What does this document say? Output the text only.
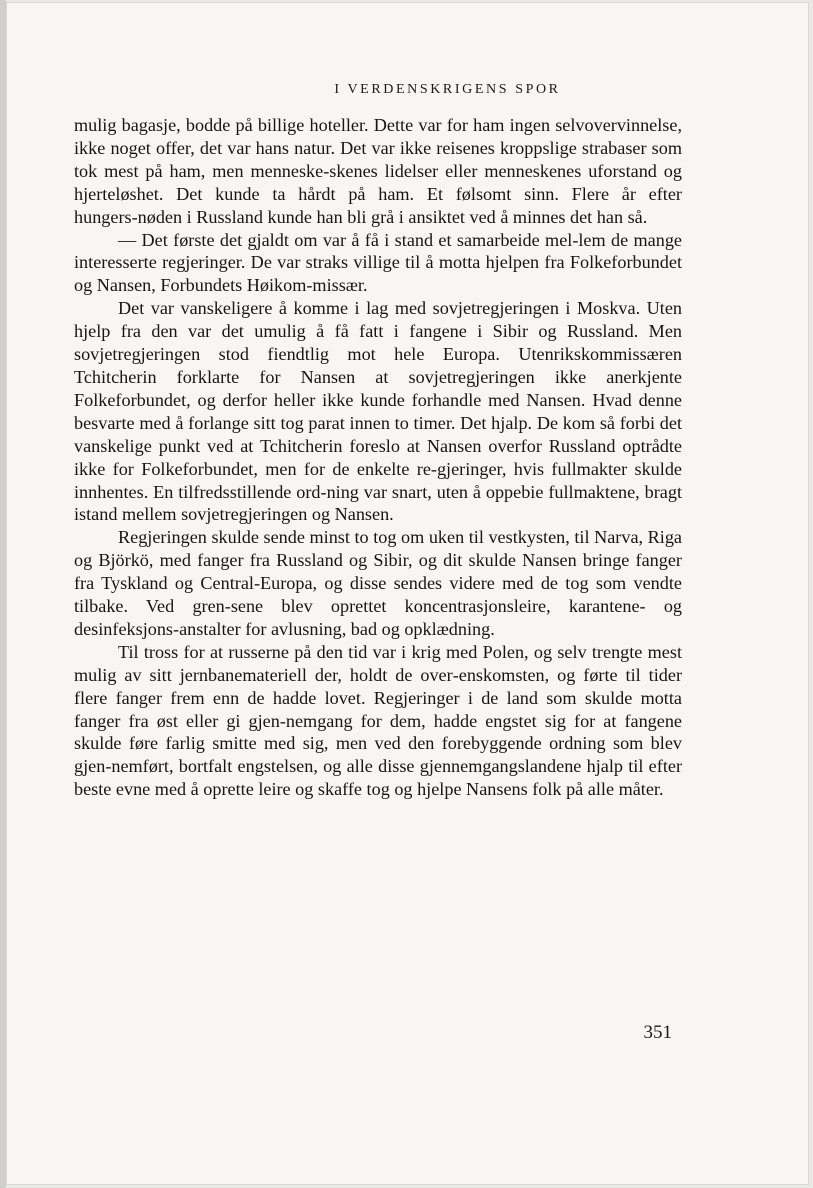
I VERDENSKRIGENS SPOR

mulig bagasje, bodde på billige hoteller. Dette var for ham ingen selvovervinnelse, ikke noget offer, det var hans natur. Det var ikke reisenes kroppslige strabaser som tok mest på ham, men menneske‑skenes lidelser eller menneskenes uforstand og hjerteløshet. Det kunde ta hårdt på ham. Et følsomt sinn. Flere år efter hungers‑nøden i Russland kunde han bli grå i ansiktet ved å minnes det han så.

— Det første det gjaldt om var å få i stand et samarbeide mel‑lem de mange interesserte regjeringer. De var straks villige til å motta hjelpen fra Folkeforbundet og Nansen, Forbundets Høikom‑missær.

Det var vanskeligere å komme i lag med sovjetregjeringen i Moskva. Uten hjelp fra den var det umulig å få fatt i fangene i Sibir og Russland. Men sovjetregjeringen stod fiendtlig mot hele Europa. Utenrikskommissæren Tchitcherin forklarte for Nansen at sovjetregjeringen ikke anerkjente Folkeforbundet, og derfor heller ikke kunde forhandle med Nansen. Hvad denne besvarte med å forlange sitt tog parat innen to timer. Det hjalp. De kom så forbi det vanskelige punkt ved at Tchitcherin foreslo at Nansen overfor Russland optrådte ikke for Folkeforbundet, men for de enkelte re‑gjeringer, hvis fullmakter skulde innhentes. En tilfredsstillende ord‑ning var snart, uten å oppebie fullmaktene, bragt istand mellem sovjetregjeringen og Nansen.

Regjeringen skulde sende minst to tog om uken til vestkysten, til Narva, Riga og Björkö, med fanger fra Russland og Sibir, og dit skulde Nansen bringe fanger fra Tyskland og Central-Europa, og disse sendes videre med de tog som vendte tilbake. Ved gren‑sene blev oprettet koncentrasjonsleire, karantene‑ og desinfeksjons‑anstalter for avlusning, bad og opklædning.

Til tross for at russerne på den tid var i krig med Polen, og selv trengte mest mulig av sitt jernbanemateriell der, holdt de over‑enskomsten, og førte til tider flere fanger frem enn de hadde lovet. Regjeringer i de land som skulde motta fanger fra øst eller gi gjen‑nemgang for dem, hadde engstet sig for at fangene skulde føre farlig smitte med sig, men ved den forebyggende ordning som blev gjen‑nemført, bortfalt engstelsen, og alle disse gjennemgangslandene hjalp til efter beste evne med å oprette leire og skaffe tog og hjelpe Nansens folk på alle måter.

351
